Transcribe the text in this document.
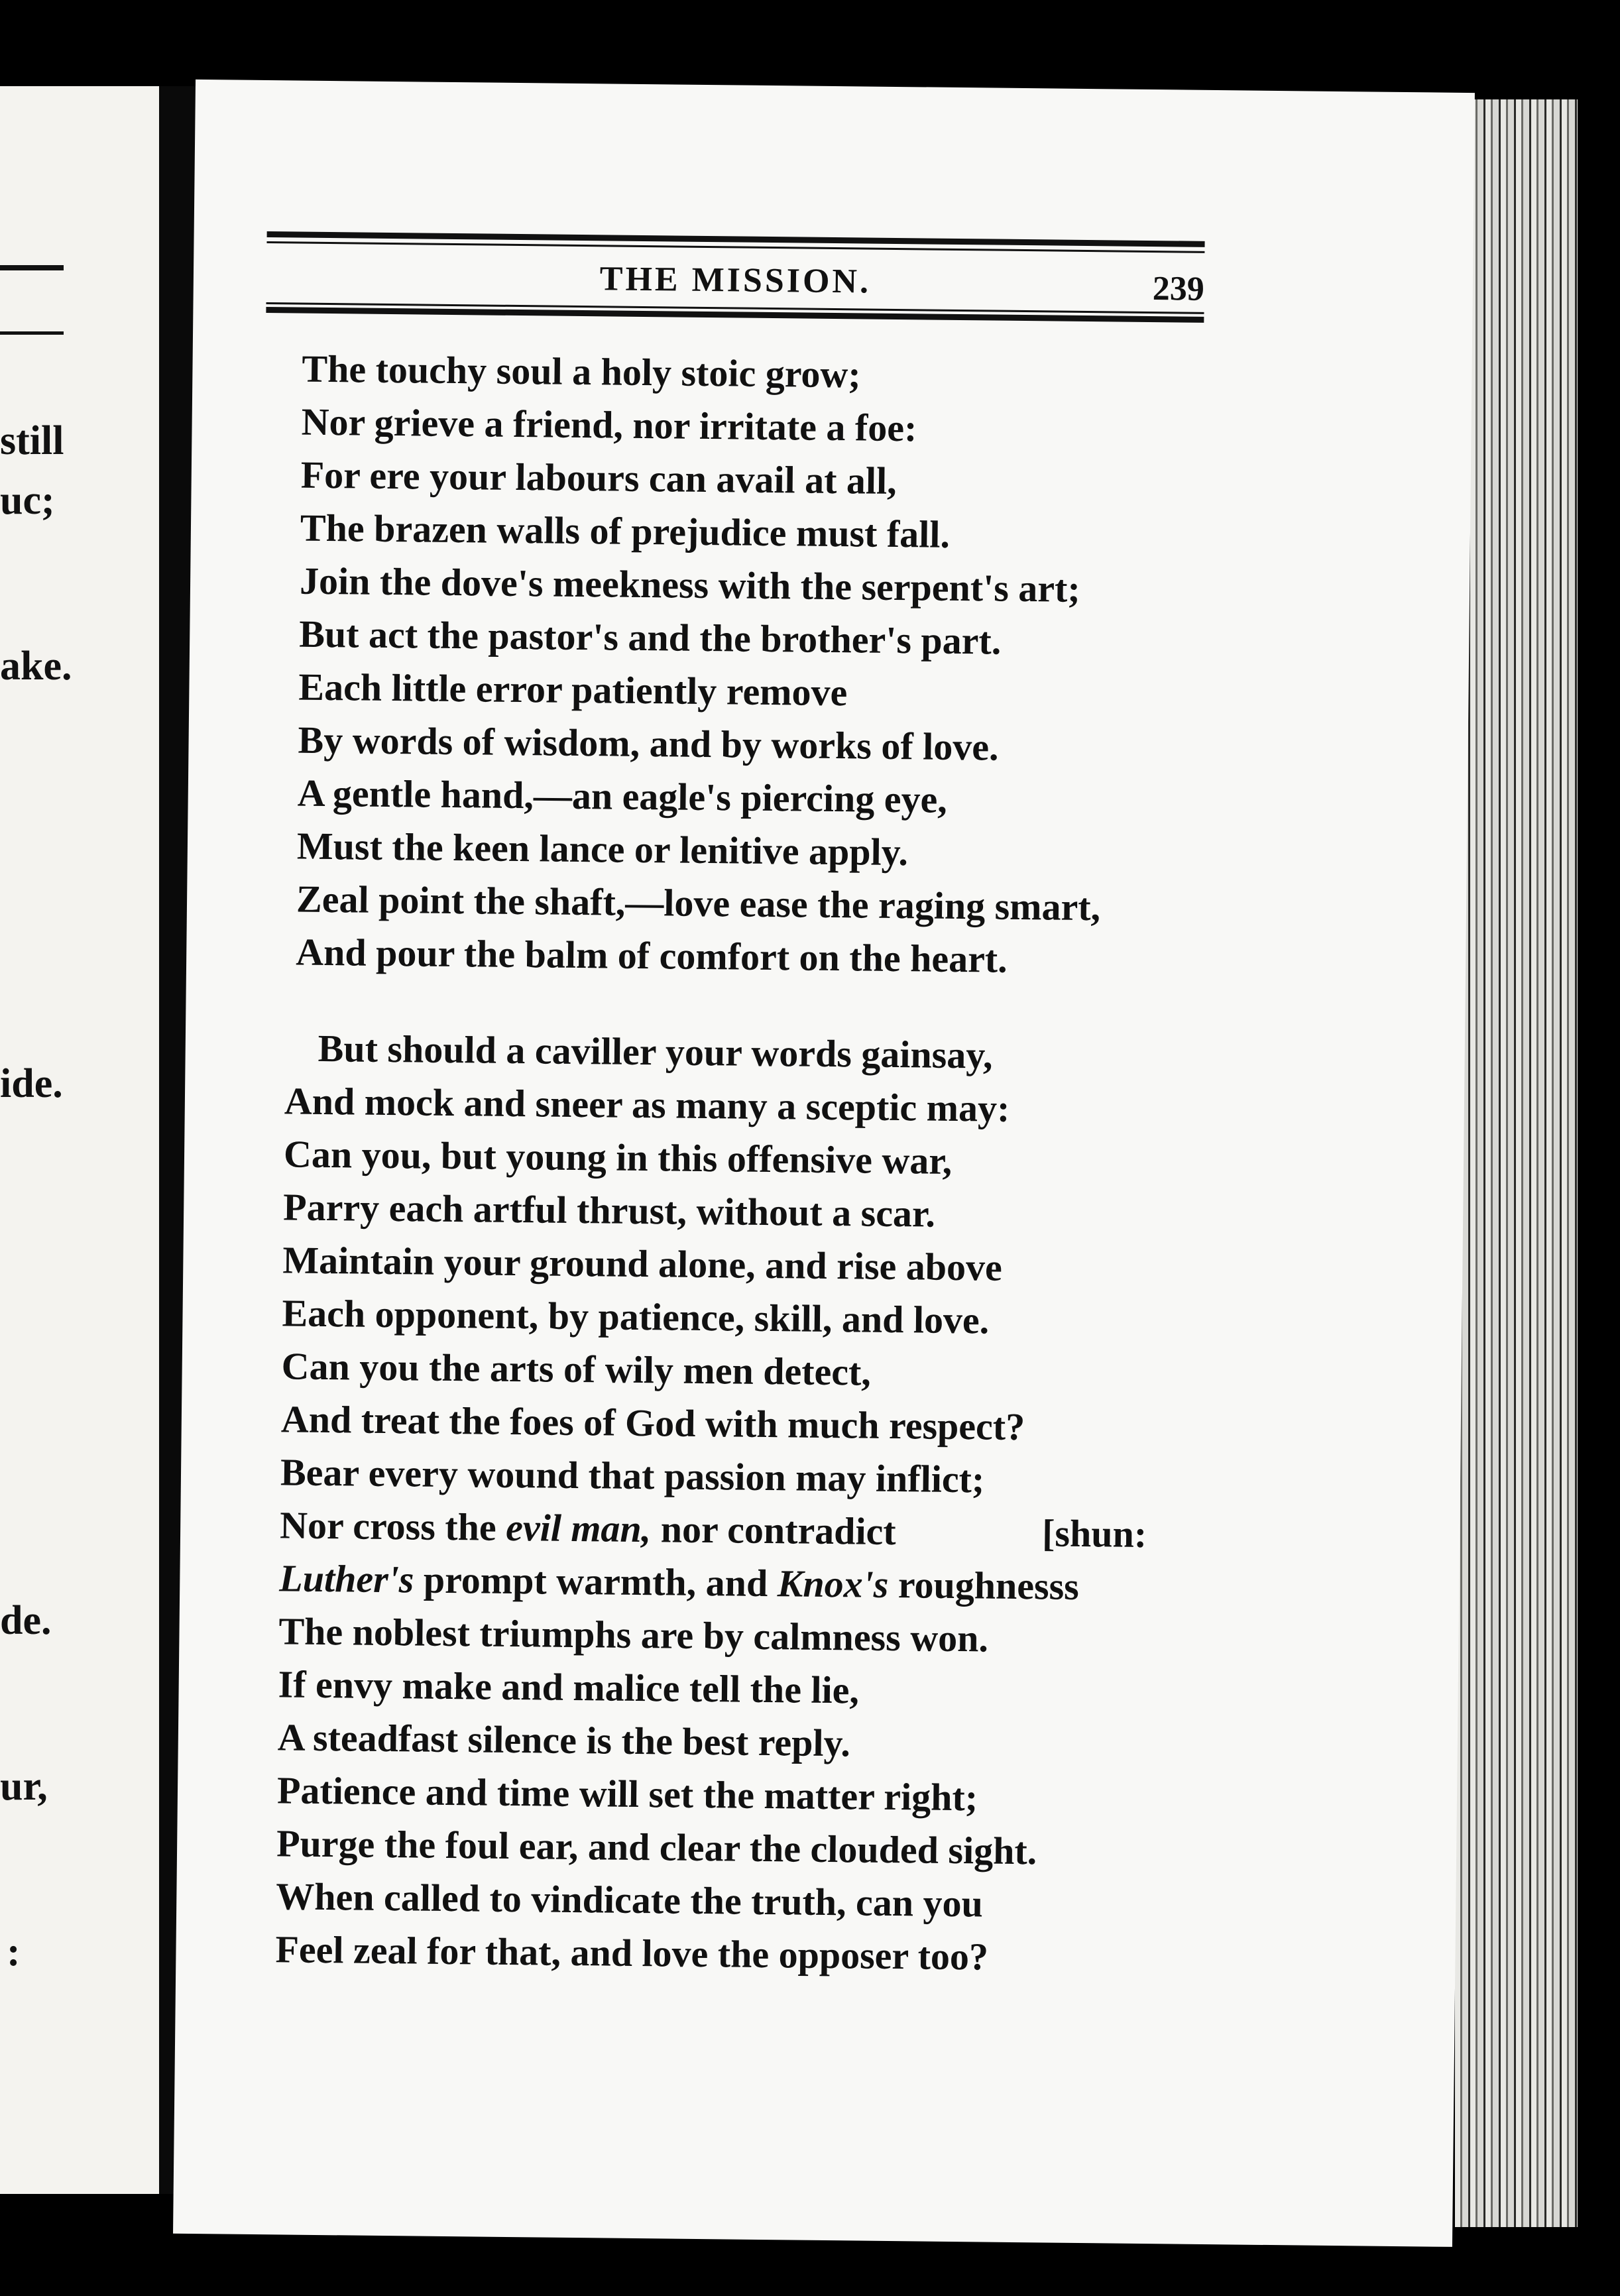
still
uc;
ake.
ide.
de.
ur,
:
THE MISSION.	239
The touchy soul a holy stoic grow;
Nor grieve a friend, nor irritate a foe:
For ere your labours can avail at all,
The brazen walls of prejudice must fall.
Join the dove's meekness with the serpent's art;
But act the pastor's and the brother's part.
Each little error patiently remove
By words of wisdom, and by works of love.
A gentle hand,—an eagle's piercing eye,
Must the keen lance or lenitive apply.
Zeal point the shaft,—love ease the raging smart,
And pour the balm of comfort on the heart.
But should a caviller your words gainsay,
And mock and sneer as many a sceptic may:
Can you, but young in this offensive war,
Parry each artful thrust, without a scar.
Maintain your ground alone, and rise above
Each opponent, by patience, skill, and love.
Can you the arts of wily men detect,
And treat the foes of God with much respect?
Bear every wound that passion may inflict;
Nor cross the evil man, nor contradict	[shun:
Luther's prompt warmth, and Knox's roughnesss
The noblest triumphs are by calmness won.
If envy make and malice tell the lie,
A steadfast silence is the best reply.
Patience and time will set the matter right;
Purge the foul ear, and clear the clouded sight.
When called to vindicate the truth, can you
Feel zeal for that, and love the opposer too?
